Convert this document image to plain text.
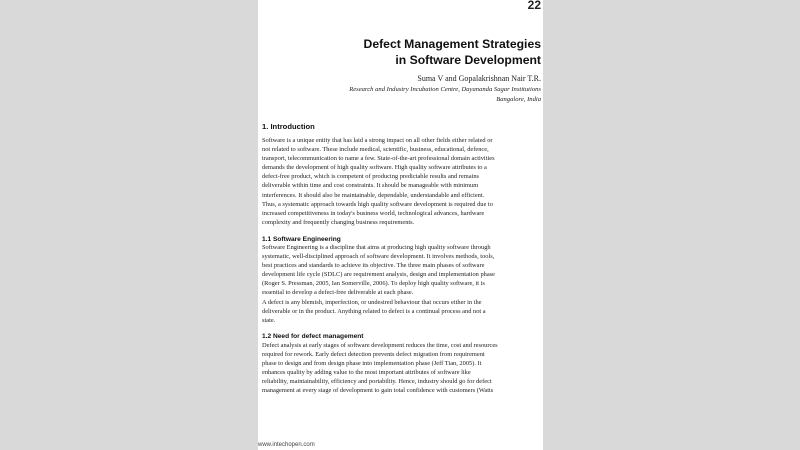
22
Defect Management Strategies
in Software Development
Suma V and Gopalakrishnan Nair T.R.
Research and Industry Incubation Centre, Dayananda Sagar Institutions
Bangalore, India
1. Introduction
Software is a unique entity that has laid a strong impact on all other fields either related or
not related to software. These include medical, scientific, business, educational, defence,
transport, telecommunication to name a few. State-of-the-art professional domain activities
demands the development of high quality software. High quality software attributes to a
defect-free product, which is competent of producing predictable results and remains
deliverable within time and cost constraints. It should be manageable with minimum
interferences. It should also be maintainable, dependable, understandable and efficient.
Thus, a systematic approach towards high quality software development is required due to
increased competitiveness in today's business world, technological advances, hardware
complexity and frequently changing business requirements.
1.1 Software Engineering
Software Engineering is a discipline that aims at producing high quality software through
systematic, well-disciplined approach of software development. It involves methods, tools,
best practices and standards to achieve its objective. The three main phases of software
development life cycle (SDLC) are requirement analysis, design and implementation phase
(Roger S. Pressman, 2005, Ian Somerville, 2006). To deploy high quality software, it is
essential to develop a defect-free deliverable at each phase.
A defect is any blemish, imperfection, or undesired behaviour that occurs either in the
deliverable or in the product. Anything related to defect is a continual process and not a
state.
1.2 Need for defect management
Defect analysis at early stages of software development reduces the time, cost and resources
required for rework. Early defect detection prevents defect migration from requirement
phase to design and from design phase into implementation phase (Jeff Tian, 2005). It
enhances quality by adding value to the most important attributes of software like
reliability, maintainability, efficiency and portability. Hence, industry should go for defect
management at every stage of development to gain total confidence with customers (Watts
www.intechopen.com
